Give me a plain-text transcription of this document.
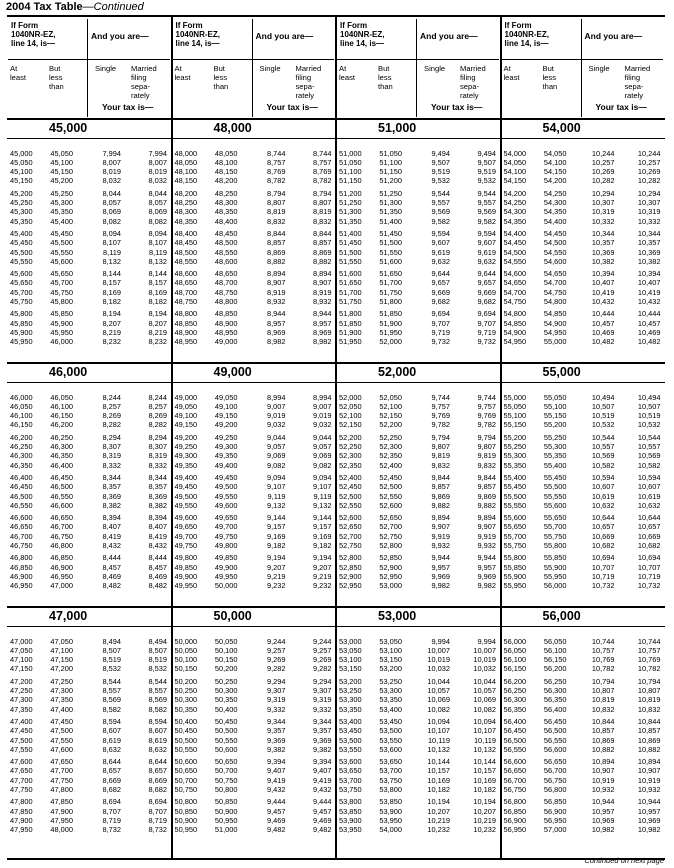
2004 Tax Table—Continued
If Form
1040NR-EZ,
line 14, is—
And you are—
At
least
But
less
than
Single Married
filing
sepa-
rately
Your tax is—
If Form
1040NR-EZ,
line 14, is—
And you are—
At
least
But
less
than
Single Married
filing
sepa-
rately
Your tax is—
If Form
1040NR-EZ,
line 14, is—
And you are—
At
least
But
less
than
Single Married
filing
sepa-
rately
Your tax is—
If Form
1040NR-EZ,
line 14, is—
And you are—
At
least
But
less
than
Single Married
filing
sepa-
rately
Your tax is—
45,000
45,000	45,050	7,994	7,994
45,050	45,100	8,007	8,007
45,100	45,150	8,019	8,019
45,150	45,200	8,032	8,032
45,200	45,250	8,044	8,044
45,250	45,300	8,057	8,057
45,300	45,350	8,069	8,069
45,350	45,400	8,082	8,082
45,400	45,450	8,094	8,094
45,450	45,500	8,107	8,107
45,500	45,550	8,119	8,119
45,550	45,600	8,132	8,132
45,600	45,650	8,144	8,144
45,650	45,700	8,157	8,157
45,700	45,750	8,169	8,169
45,750	45,800	8,182	8,182
45,800	45,850	8,194	8,194
45,850	45,900	8,207	8,207
45,900	45,950	8,219	8,219
45,950	46,000	8,232	8,232
48,000
48,000	48,050	8,744	8,744
48,050	48,100	8,757	8,757
48,100	48,150	8,769	8,769
48,150	48,200	8,782	8,782
48,200	48,250	8,794	8,794
48,250	48,300	8,807	8,807
48,300	48,350	8,819	8,819
48,350	48,400	8,832	8,832
48,400	48,450	8,844	8,844
48,450	48,500	8,857	8,857
48,500	48,550	8,869	8,869
48,550	48,600	8,882	8,882
48,600	48,650	8,894	8,894
48,650	48,700	8,907	8,907
48,700	48,750	8,919	8,919
48,750	48,800	8,932	8,932
48,800	48,850	8,944	8,944
48,850	48,900	8,957	8,957
48,900	48,950	8,969	8,969
48,950	49,000	8,982	8,982
51,000
51,000	51,050	9,494	9,494
51,050	51,100	9,507	9,507
51,100	51,150	9,519	9,519
51,150	51,200	9,532	9,532
51,200	51,250	9,544	9,544
51,250	51,300	9,557	9,557
51,300	51,350	9,569	9,569
51,350	51,400	9,582	9,582
51,400	51,450	9,594	9,594
51,450	51,500	9,607	9,607
51,500	51,550	9,619	9,619
51,550	51,600	9,632	9,632
51,600	51,650	9,644	9,644
51,650	51,700	9,657	9,657
51,700	51,750	9,669	9,669
51,750	51,800	9,682	9,682
51,800	51,850	9,694	9,694
51,850	51,900	9,707	9,707
51,900	51,950	9,719	9,719
51,950	52,000	9,732	9,732
54,000
54,000	54,050	10,244	10,244
54,050	54,100	10,257	10,257
54,100	54,150	10,269	10,269
54,150	54,200	10,282	10,282
54,200	54,250	10,294	10,294
54,250	54,300	10,307	10,307
54,300	54,350	10,319	10,319
54,350	54,400	10,332	10,332
54,400	54,450	10,344	10,344
54,450	54,500	10,357	10,357
54,500	54,550	10,369	10,369
54,550	54,600	10,382	10,382
54,600	54,650	10,394	10,394
54,650	54,700	10,407	10,407
54,700	54,750	10,419	10,419
54,750	54,800	10,432	10,432
54,800	54,850	10,444	10,444
54,850	54,900	10,457	10,457
54,900	54,950	10,469	10,469
54,950	55,000	10,482	10,482
46,000
46,000	46,050	8,244	8,244
46,050	46,100	8,257	8,257
46,100	46,150	8,269	8,269
46,150	46,200	8,282	8,282
46,200	46,250	8,294	8,294
46,250	46,300	8,307	8,307
46,300	46,350	8,319	8,319
46,350	46,400	8,332	8,332
46,400	46,450	8,344	8,344
46,450	46,500	8,357	8,357
46,500	46,550	8,369	8,369
46,550	46,600	8,382	8,382
46,600	46,650	8,394	8,394
46,650	46,700	8,407	8,407
46,700	46,750	8,419	8,419
46,750	46,800	8,432	8,432
46,800	46,850	8,444	8,444
46,850	46,900	8,457	8,457
46,900	46,950	8,469	8,469
46,950	47,000	8,482	8,482
49,000
49,000	49,050	8,994	8,994
49,050	49,100	9,007	9,007
49,100	49,150	9,019	9,019
49,150	49,200	9,032	9,032
49,200	49,250	9,044	9,044
49,250	49,300	9,057	9,057
49,300	49,350	9,069	9,069
49,350	49,400	9,082	9,082
49,400	49,450	9,094	9,094
49,450	49,500	9,107	9,107
49,500	49,550	9,119	9,119
49,550	49,600	9,132	9,132
49,600	49,650	9,144	9,144
49,650	49,700	9,157	9,157
49,700	49,750	9,169	9,169
49,750	49,800	9,182	9,182
49,800	49,850	9,194	9,194
49,850	49,900	9,207	9,207
49,900	49,950	9,219	9,219
49,950	50,000	9,232	9,232
52,000
52,000	52,050	9,744	9,744
52,050	52,100	9,757	9,757
52,100	52,150	9,769	9,769
52,150	52,200	9,782	9,782
52,200	52,250	9,794	9,794
52,250	52,300	9,807	9,807
52,300	52,350	9,819	9,819
52,350	52,400	9,832	9,832
52,400	52,450	9,844	9,844
52,450	52,500	9,857	9,857
52,500	52,550	9,869	9,869
52,550	52,600	9,882	9,882
52,600	52,650	9,894	9,894
52,650	52,700	9,907	9,907
52,700	52,750	9,919	9,919
52,750	52,800	9,932	9,932
52,800	52,850	9,944	9,944
52,850	52,900	9,957	9,957
52,900	52,950	9,969	9,969
52,950	53,000	9,982	9,982
55,000
55,000	55,050	10,494	10,494
55,050	55,100	10,507	10,507
55,100	55,150	10,519	10,519
55,150	55,200	10,532	10,532
55,200	55,250	10,544	10,544
55,250	55,300	10,557	10,557
55,300	55,350	10,569	10,569
55,350	55,400	10,582	10,582
55,400	55,450	10,594	10,594
55,450	55,500	10,607	10,607
55,500	55,550	10,619	10,619
55,550	55,600	10,632	10,632
55,600	55,650	10,644	10,644
55,650	55,700	10,657	10,657
55,700	55,750	10,669	10,669
55,750	55,800	10,682	10,682
55,800	55,850	10,694	10,694
55,850	55,900	10,707	10,707
55,900	55,950	10,719	10,719
55,950	56,000	10,732	10,732
47,000
47,000	47,050	8,494	8,494
47,050	47,100	8,507	8,507
47,100	47,150	8,519	8,519
47,150	47,200	8,532	8,532
47,200	47,250	8,544	8,544
47,250	47,300	8,557	8,557
47,300	47,350	8,569	8,569
47,350	47,400	8,582	8,582
47,400	47,450	8,594	8,594
47,450	47,500	8,607	8,607
47,500	47,550	8,619	8,619
47,550	47,600	8,632	8,632
47,600	47,650	8,644	8,644
47,650	47,700	8,657	8,657
47,700	47,750	8,669	8,669
47,750	47,800	8,682	8,682
47,800	47,850	8,694	8,694
47,850	47,900	8,707	8,707
47,900	47,950	8,719	8,719
47,950	48,000	8,732	8,732
50,000
50,000	50,050	9,244	9,244
50,050	50,100	9,257	9,257
50,100	50,150	9,269	9,269
50,150	50,200	9,282	9,282
50,200	50,250	9,294	9,294
50,250	50,300	9,307	9,307
50,300	50,350	9,319	9,319
50,350	50,400	9,332	9,332
50,400	50,450	9,344	9,344
50,450	50,500	9,357	9,357
50,500	50,550	9,369	9,369
50,550	50,600	9,382	9,382
50,600	50,650	9,394	9,394
50,650	50,700	9,407	9,407
50,700	50,750	9,419	9,419
50,750	50,800	9,432	9,432
50,800	50,850	9,444	9,444
50,850	50,900	9,457	9,457
50,900	50,950	9,469	9,469
50,950	51,000	9,482	9,482
53,000
53,000	53,050	9,994	9,994
53,050	53,100	10,007	10,007
53,100	53,150	10,019	10,019
53,150	53,200	10,032	10,032
53,200	53,250	10,044	10,044
53,250	53,300	10,057	10,057
53,300	53,350	10,069	10,069
53,350	53,400	10,082	10,082
53,400	53,450	10,094	10,094
53,450	53,500	10,107	10,107
53,500	53,550	10,119	10,119
53,550	53,600	10,132	10,132
53,600	53,650	10,144	10,144
53,650	53,700	10,157	10,157
53,700	53,750	10,169	10,169
53,750	53,800	10,182	10,182
53,800	53,850	10,194	10,194
53,850	53,900	10,207	10,207
53,900	53,950	10,219	10,219
53,950	54,000	10,232	10,232
56,000
56,000	56,050	10,744	10,744
56,050	56,100	10,757	10,757
56,100	56,150	10,769	10,769
56,150	56,200	10,782	10,782
56,200	56,250	10,794	10,794
56,250	56,300	10,807	10,807
56,300	56,350	10,819	10,819
56,350	56,400	10,832	10,832
56,400	56,450	10,844	10,844
56,450	56,500	10,857	10,857
56,500	56,550	10,869	10,869
56,550	56,600	10,882	10,882
56,600	56,650	10,894	10,894
56,650	56,700	10,907	10,907
56,700	56,750	10,919	10,919
56,750	56,800	10,932	10,932
56,800	56,850	10,944	10,944
56,850	56,900	10,957	10,957
56,900	56,950	10,969	10,969
56,950	57,000	10,982	10,982
Continued on next page
